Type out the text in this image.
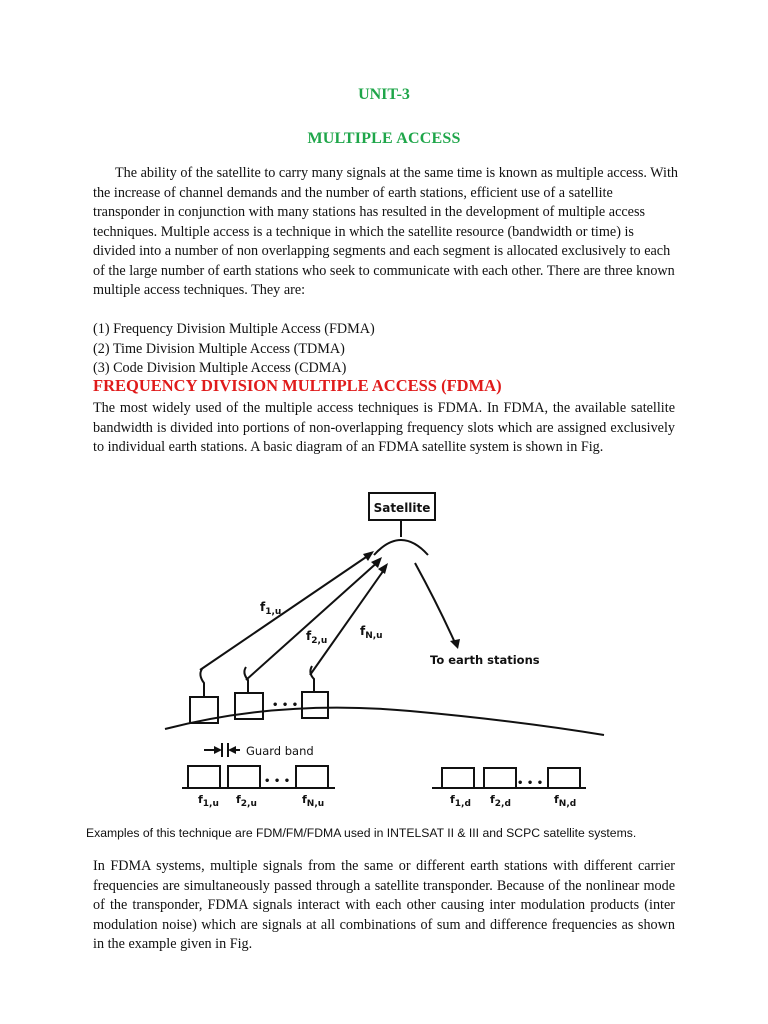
UNIT-3
MULTIPLE ACCESS

The ability of the satellite to carry many signals at the same time is known as multiple access. With the increase of channel demands and the number of earth stations, efficient use of a satellite transponder in conjunction with many stations has resulted in the development of multiple access techniques. Multiple access is a technique in which the satellite resource (bandwidth or time) is divided into a number of non overlapping segments and each segment is allocated exclusively to each of the large number of earth stations who seek to communicate with each other. There are three known multiple access techniques. They are:

(1) Frequency Division Multiple Access (FDMA)
(2) Time Division Multiple Access (TDMA)
(3) Code Division Multiple Access (CDMA)
FREQUENCY DIVISION MULTIPLE ACCESS (FDMA)
The most widely used of the multiple access techniques is FDMA. In FDMA, the available satellite bandwidth is divided into portions of non-overlapping frequency slots which are assigned exclusively to individual earth stations. A basic diagram of an FDMA satellite system is shown in Fig.
Satellite
To earth stations
Guard band
• • •
• • •	• • •
$f_{1,u}$
$f_{2,u}$
$f_{N,u}$
$f_{1,u}$ $f_{2,u}$	$f_{N,u}$	$f_{1,d}$ $f_{2,d}$	$f_{N,d}$
Examples of this technique are FDM/FM/FDMA used in INTELSAT II & III and SCPC satellite systems.
In FDMA systems, multiple signals from the same or different earth stations with different carrier frequencies are simultaneously passed through a satellite transponder. Because of the nonlinear mode of the transponder, FDMA signals interact with each other causing inter modulation products (inter modulation noise) which are signals at all combinations of sum and difference frequencies as shown in the example given in Fig.
